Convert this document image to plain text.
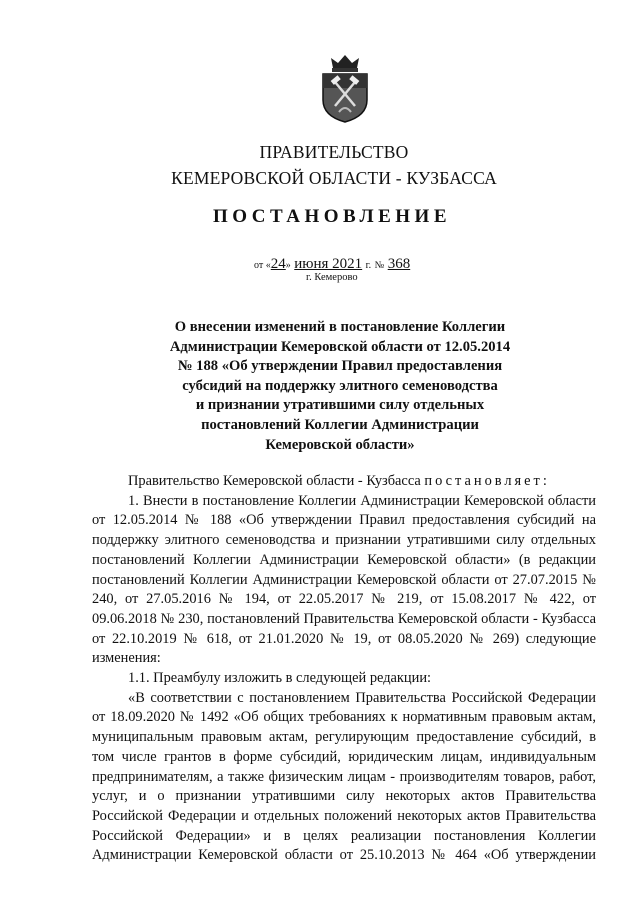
ПРАВИТЕЛЬСТВО
КЕМЕРОВСКОЙ ОБЛАСТИ - КУЗБАССА
ПОСТАНОВЛЕНИЕ
от «24» июня 2021 г. № 368
г. Кемерово
О внесении изменений в постановление Коллегии
Администрации Кемеровской области от 12.05.2014
№ 188 «Об утверждении Правил предоставления
субсидий на поддержку элитного семеноводства
и признании утратившими силу отдельных
постановлений Коллегии Администрации
Кемеровской области»

Правительство Кемеровской области - Кузбасса постановляет:

1. Внести в постановление Коллегии Администрации Кемеровской области от 12.05.2014 № 188 «Об утверждении Правил предоставления субсидий на поддержку элитного семеноводства и признании утратившими силу отдельных постановлений Коллегии Администрации Кемеровской области» (в редакции постановлений Коллегии Администрации Кемеровской области от 27.07.2015 № 240, от 27.05.2016 № 194, от 22.05.2017 № 219, от 15.08.2017 № 422, от 09.06.2018 № 230, постановлений Правительства Кемеровской области - Кузбасса от 22.10.2019 № 618, от 21.01.2020 № 19, от 08.05.2020 № 269) следующие изменения:

1.1. Преамбулу изложить в следующей редакции:

«В соответствии с постановлением Правительства Российской Федерации от 18.09.2020 № 1492 «Об общих требованиях к нормативным правовым актам, муниципальным правовым актам, регулирующим предоставление субсидий, в том числе грантов в форме субсидий, юридическим лицам, индивидуальным предпринимателям, а также физическим лицам - производителям товаров, работ, услуг, и о признании утратившими силу некоторых актов Правительства Российской Федерации и отдельных положений некоторых актов Правительства Российской Федерации» и в целях реализации постановления Коллегии Администрации Кемеровской области от 25.10.2013 № 464 «Об утверждении
